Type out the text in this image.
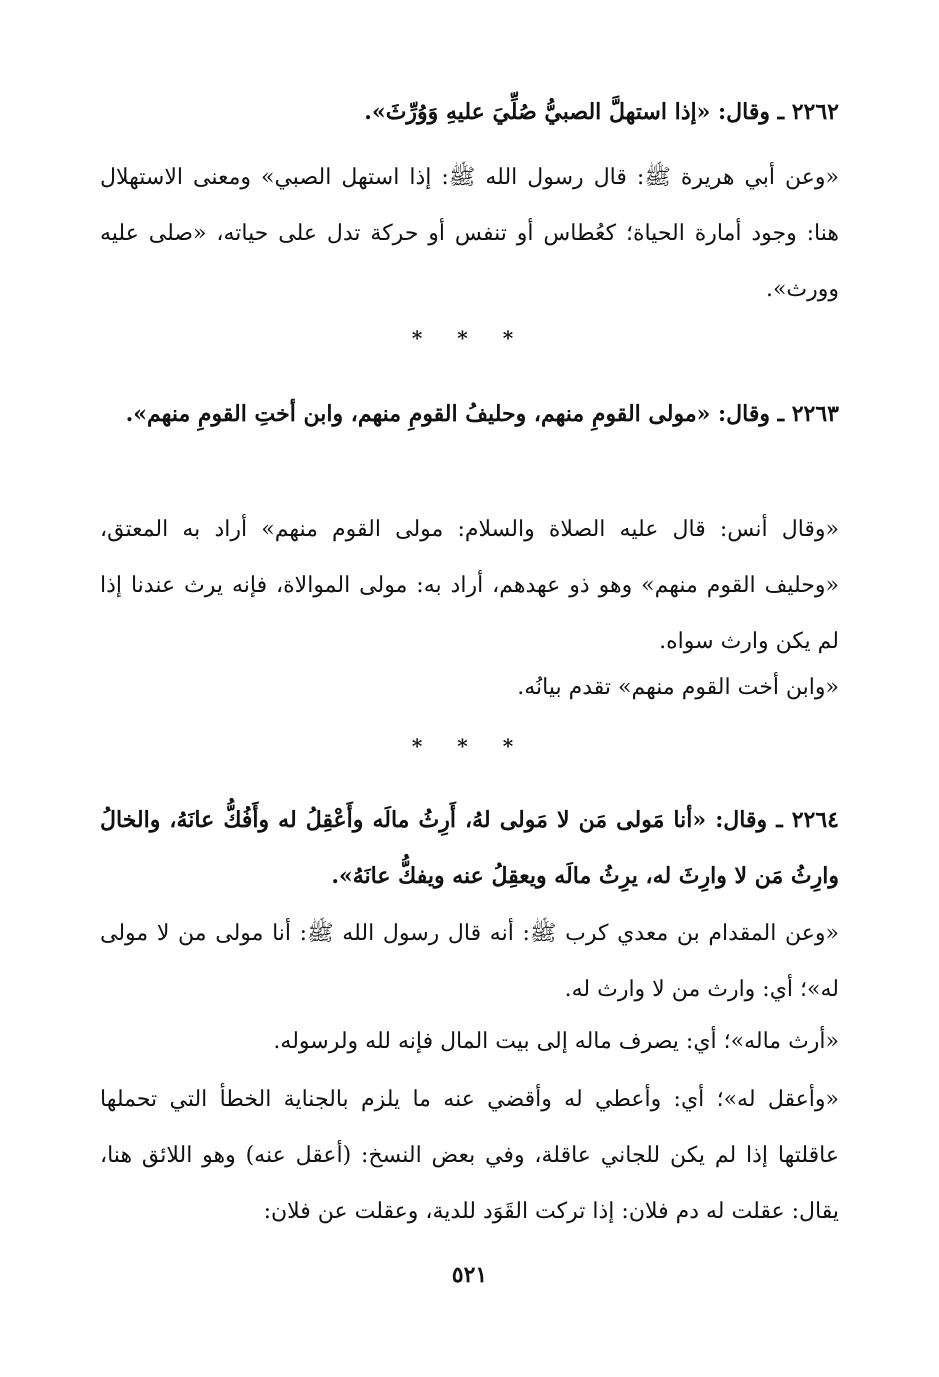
٢٢٦٢ ـ وقال: «إذا استهلَّ الصبيُّ صُلِّيَ عليهِ وَوُرِّثَ».
«وعن أبي هريرة ﷺ: قال رسول الله ﷺ: إذا استهل الصبي» ومعنى الاستهلال هنا: وجود أمارة الحياة؛ كعُطاس أو تنفس أو حركة تدل على حياته، «صلى عليه وورث».
* * *
٢٢٦٣ ـ وقال: «مولى القومِ منهم، وحليفُ القومِ منهم، وابن أختِ القومِ منهم».
«وقال أنس: قال عليه الصلاة والسلام: مولى القوم منهم» أراد به المعتق، «وحليف القوم منهم» وهو ذو عهدهم، أراد به: مولى الموالاة، فإنه يرث عندنا إذا لم يكن وارث سواه.
«وابن أخت القوم منهم» تقدم بيانُه.
* * *
٢٢٦٤ ـ وقال: «أنا مَولى مَن لا مَولى لهُ، أَرِثُ مالَه وأَعْقِلُ له وأَفُكُّ عانَهُ، والخالُ وارِثُ مَن لا وارِثَ له، يرِثُ مالَه ويعقِلُ عنه ويفكُّ عانَهُ».
«وعن المقدام بن معدي كرب ﷺ: أنه قال رسول الله ﷺ: أنا مولى من لا مولى له»؛ أي: وارث من لا وارث له.
«أرث ماله»؛ أي: يصرف ماله إلى بيت المال فإنه لله ولرسوله.
«وأعقل له»؛ أي: وأعطي له وأقضي عنه ما يلزم بالجناية الخطأ التي تحملها عاقلتها إذا لم يكن للجاني عاقلة، وفي بعض النسخ: (أعقل عنه) وهو اللائق هنا، يقال: عقلت له دم فلان: إذا تركت القَوَد للدية، وعقلت عن فلان:
٥٢١
